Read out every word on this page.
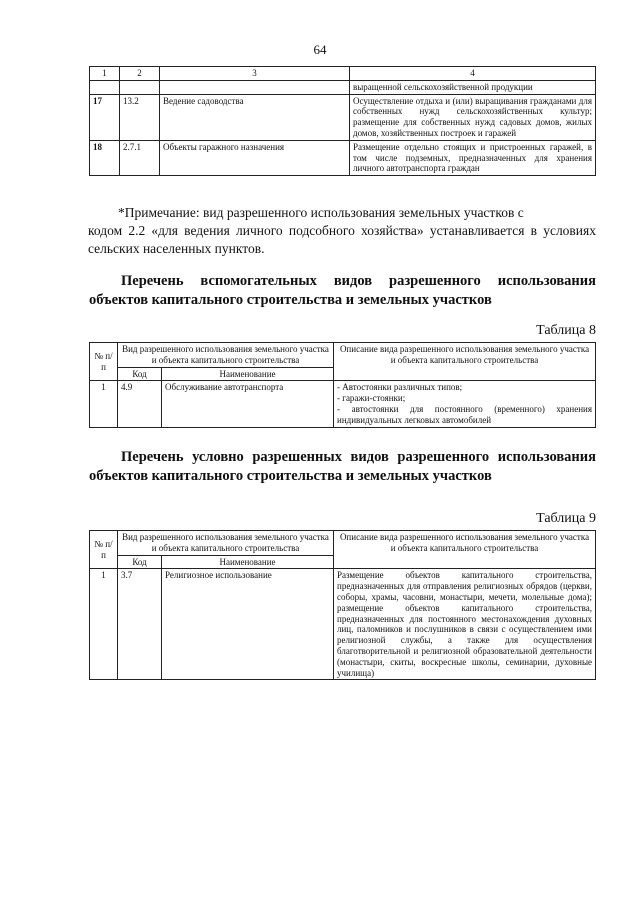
64
1	2	3	4
			выращенной сельскохозяйственной продукции
17	13.2	Ведение садоводства	Осуществление отдыха и (или) выращивания гражданами для собственных нужд сельскохозяйственных культур; размещение для собственных нужд садовых домов, жилых домов, хозяйственных построек и гаражей
18	2.7.1	Объекты гаражного назначения	Размещение отдельно стоящих и пристроенных гаражей, в том числе подземных, предназначенных для хранения личного автотранспорта граждан
*Примечание: вид разрешенного использования земельных участков с
кодом 2.2 «для ведения личного подсобного хозяйства» устанавливается в условиях сельских населенных пунктов.
Перечень вспомогательных видов разрешенного использования объектов капитального строительства и земельных участков
Таблица 8
№ п/п	Вид разрешенного использования земельного участка и объекта капитального строительства		Описание вида разрешенного использования земельного участка и объекта капитального строительства
	Код	Наименование	
1	4.9	Обслуживание автотранспорта	- Автостоянки различных типов;
- гаражи-стоянки;
- автостоянки для постоянного (временного) хранения индивидуальных легковых автомобилей
Перечень условно разрешенных видов разрешенного использования объектов капитального строительства и земельных участков
Таблица 9
№ п/п	Вид разрешенного использования земельного участка и объекта капитального строительства		Описание вида разрешенного использования земельного участка и объекта капитального строительства
	Код	Наименование	
1	3.7	Религиозное использование	Размещение объектов капитального строительства, предназначенных для отправления религиозных обрядов (церкви, соборы, храмы, часовни, монастыри, мечети, молельные дома); размещение объектов капитального строительства, предназначенных для постоянного местонахождения духовных лиц, паломников и послушников в связи с осуществлением ими религиозной службы, а также для осуществления благотворительной и религиозной образовательной деятельности (монастыри, скиты, воскресные школы, семинарии, духовные училища)
